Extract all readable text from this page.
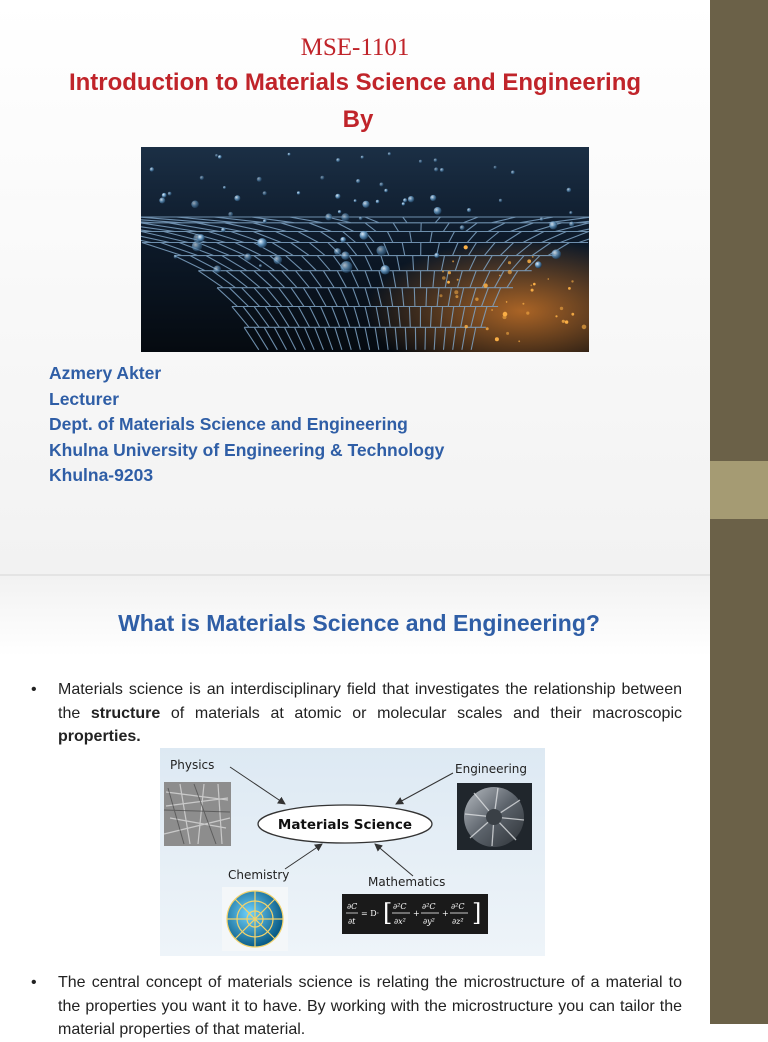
MSE-1101
Introduction to Materials Science and Engineering
By
Azmery Akter
Lecturer
Dept. of Materials Science and Engineering
Khulna University of Engineering & Technology
Khulna-9203
What is Materials Science and Engineering?
• Materials science is an interdisciplinary field that investigates the relationship between the structure of materials at atomic or molecular scales and their macroscopic properties.
Physics	Engineering
Chemistry	Mathematics
Materials Science
∂C
∂t
= D· [ ∂²C
∂x²
+
∂²C
∂y²
+
∂²C
∂z² ]
• The central concept of materials science is relating the microstructure of a material to the properties you want it to have. By working with the microstructure you can tailor the material properties of that material.
